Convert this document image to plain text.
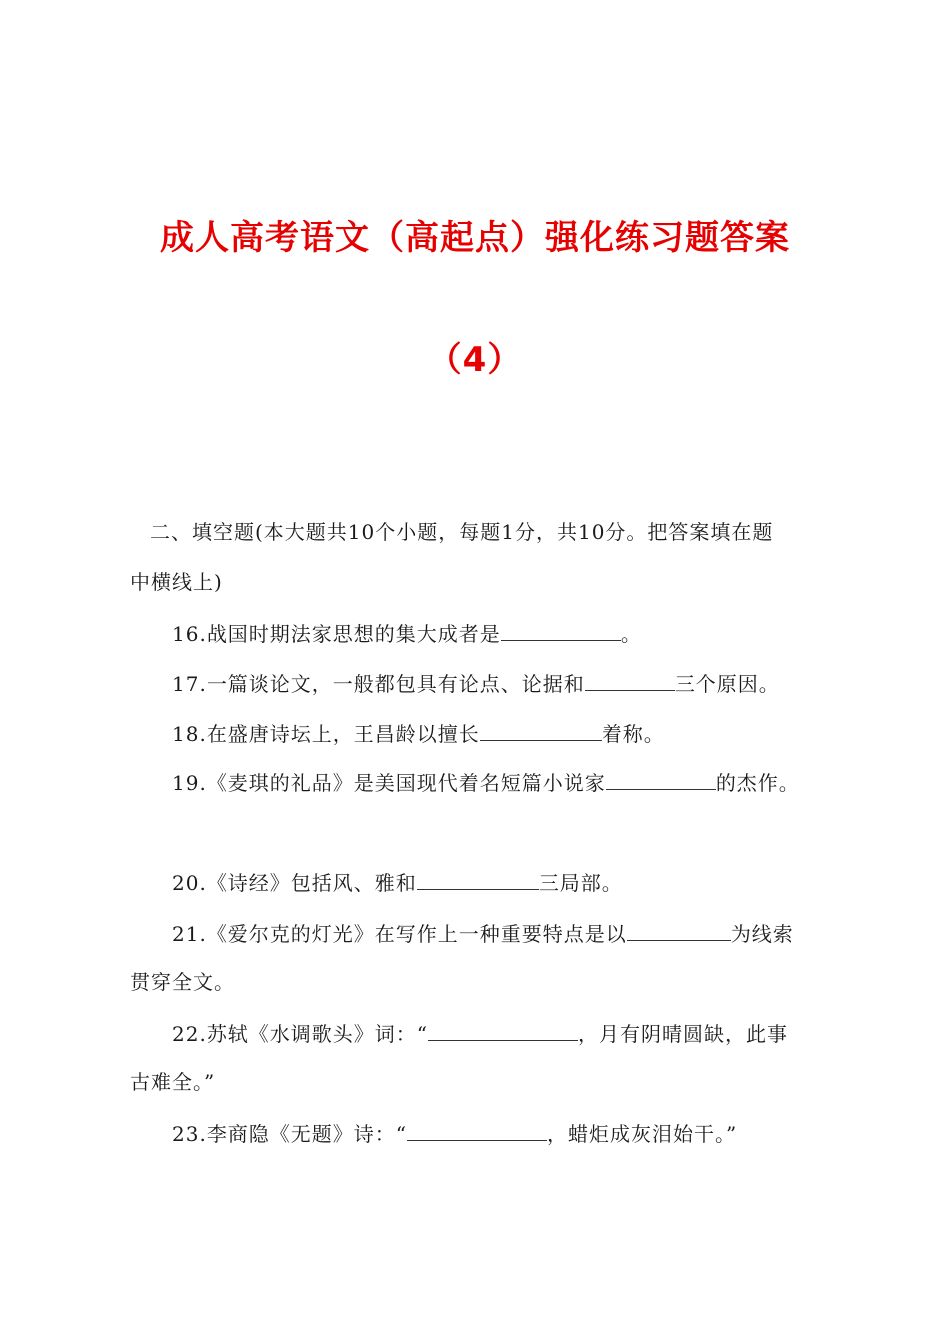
成人高考语文（高起点）强化练习题答案
（4）
二、填空题(本大题共10个小题，每题1分，共10分。把答案填在题
中横线上)
16.战国时期法家思想的集大成者是	。
17.一篇谈论文，一般都包具有论点、论据和	三个原因。
18.在盛唐诗坛上，王昌龄以擅长	着称。
19.《麦琪的礼品》是美国现代着名短篇小说家	的杰作。
20.《诗经》包括风、雅和	三局部。
21.《爱尔克的灯光》在写作上一种重要特点是以	为线索
贯穿全文。
22.苏轼《水调歌头》词：“	，月有阴晴圆缺，此事
古难全。”
23.李商隐《无题》诗：“	，蜡炬成灰泪始干。”
